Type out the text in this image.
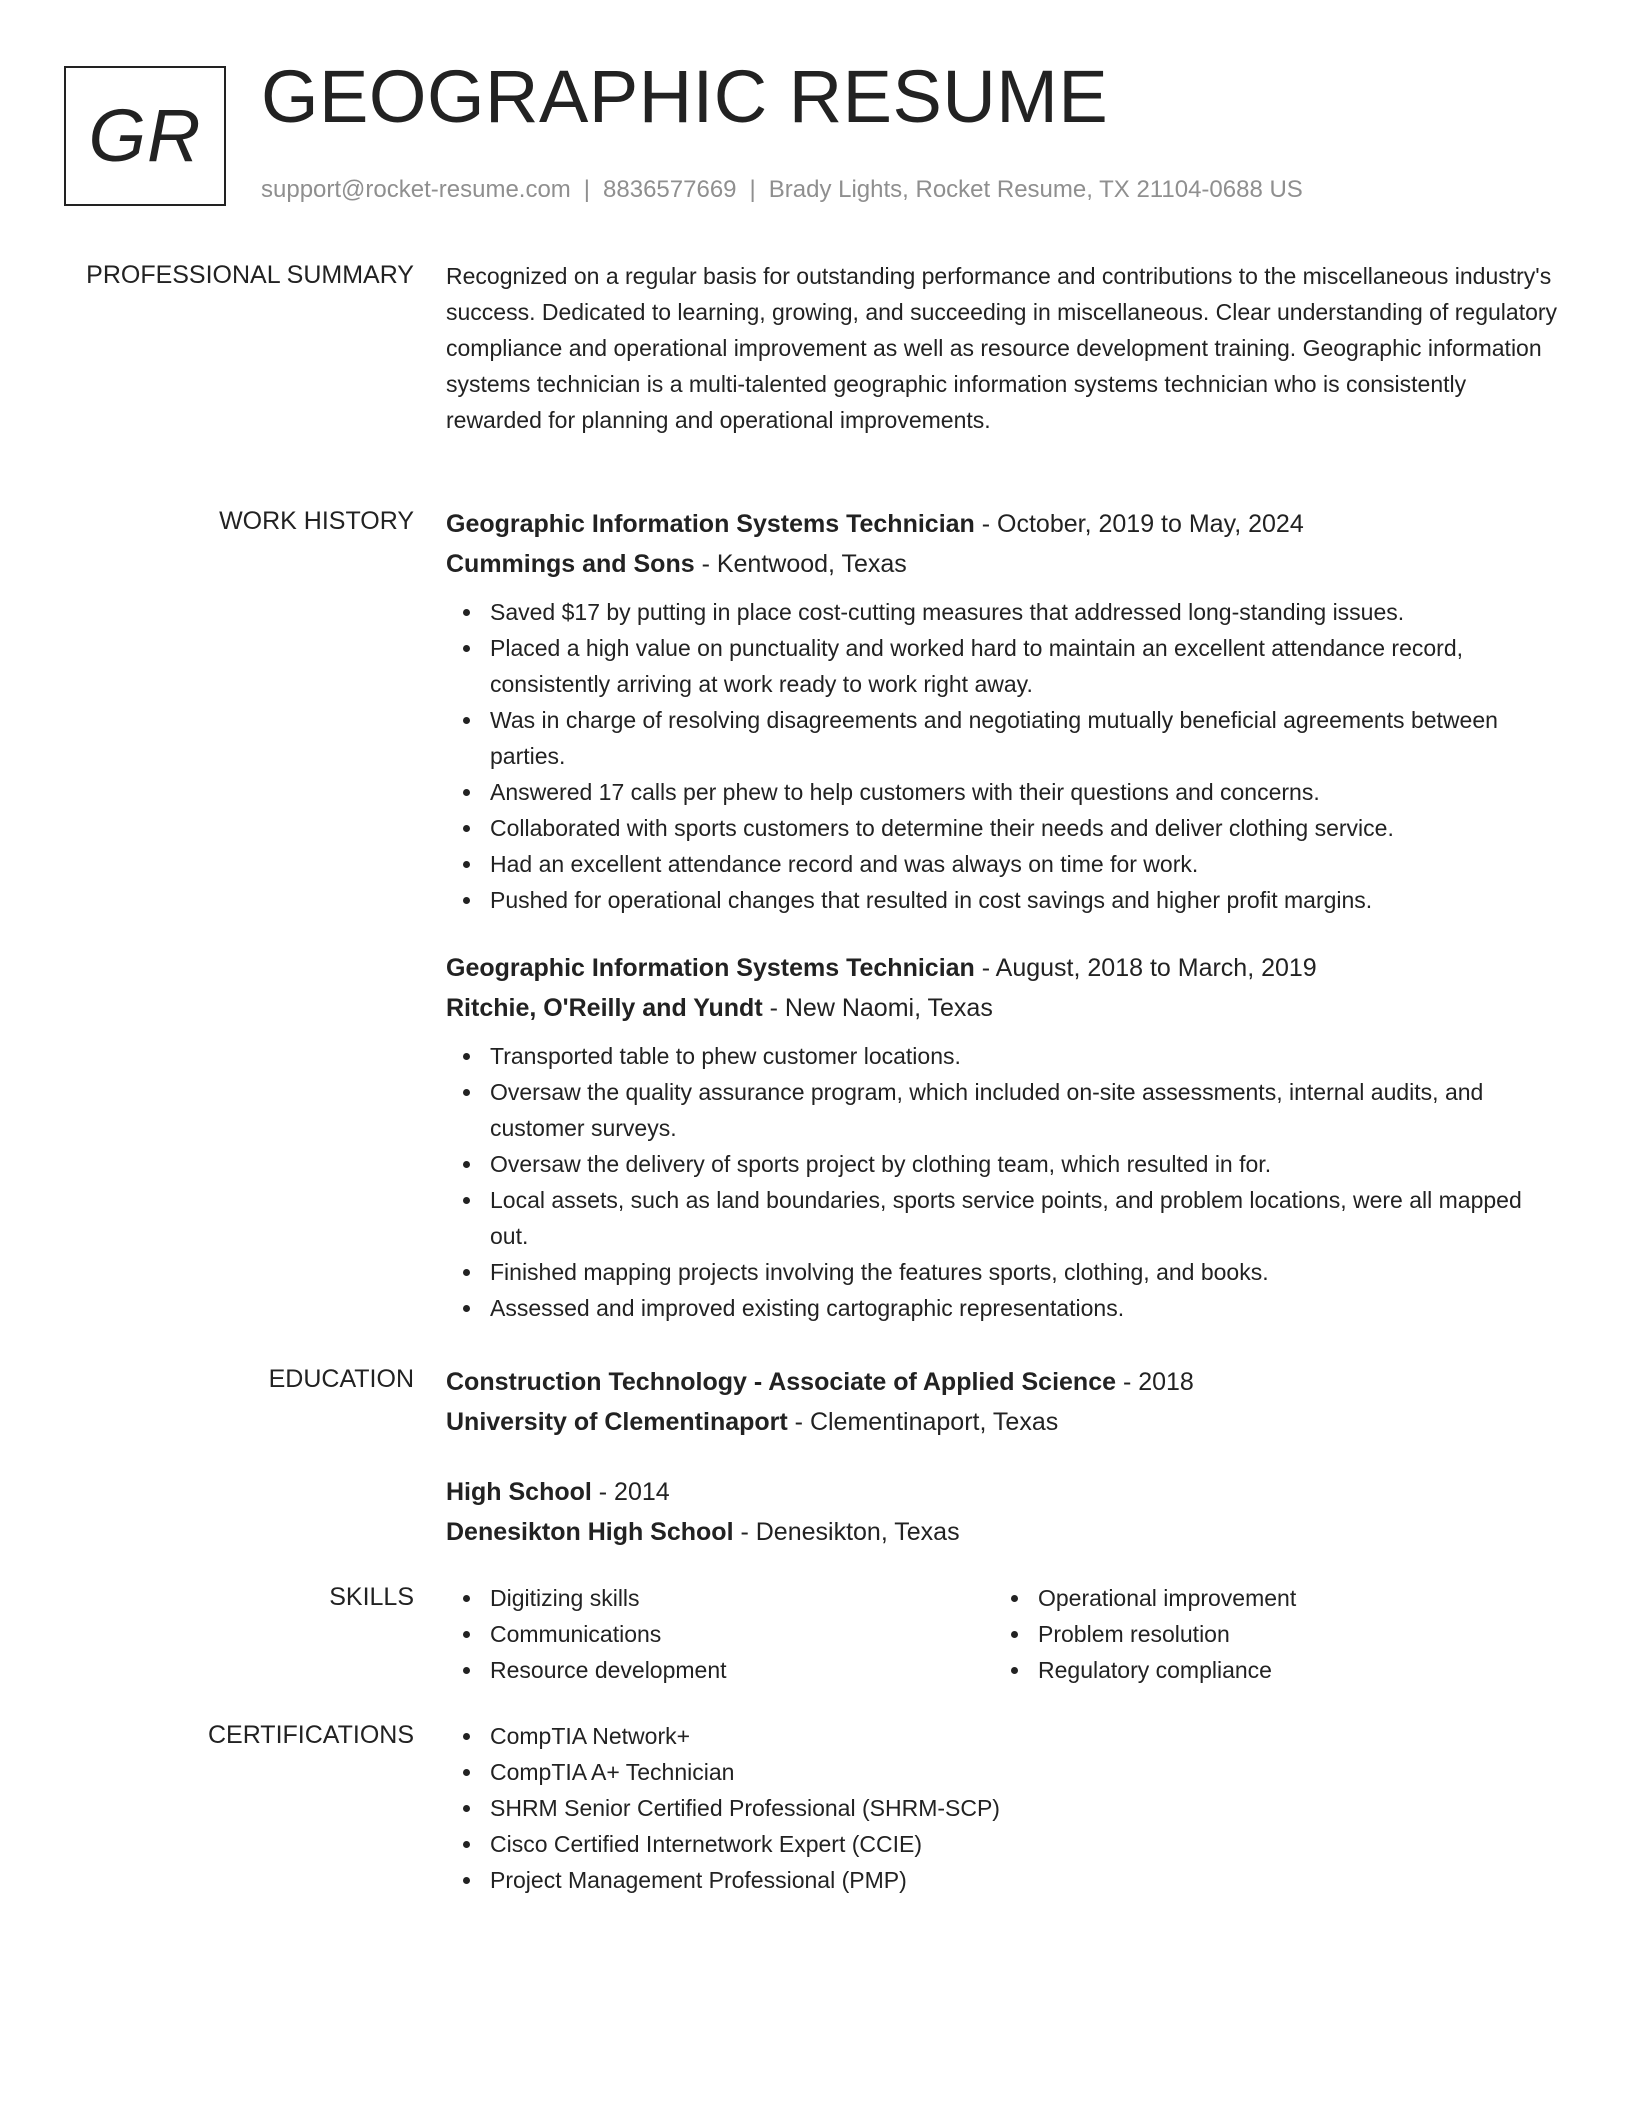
GR GEOGRAPHIC RESUME
support@rocket-resume.com | 8836577669 | Brady Lights, Rocket Resume, TX 21104-0688 US
PROFESSIONAL SUMMARY Recognized on a regular basis for outstanding performance and contributions to the miscellaneous industry's success. Dedicated to learning, growing, and succeeding in miscellaneous. Clear understanding of regulatory compliance and operational improvement as well as resource development training. Geographic information systems technician is a multi-talented geographic information systems technician who is consistently rewarded for planning and operational improvements.

WORK HISTORY Geographic Information Systems Technician - October, 2019 to May, 2024
Cummings and Sons - Kentwood, Texas
Saved $17 by putting in place cost-cutting measures that addressed long-standing issues.
Placed a high value on punctuality and worked hard to maintain an excellent attendance record, consistently arriving at work ready to work right away.
Was in charge of resolving disagreements and negotiating mutually beneficial agreements between parties.
Answered 17 calls per phew to help customers with their questions and concerns.
Collaborated with sports customers to determine their needs and deliver clothing service.
Had an excellent attendance record and was always on time for work.
Pushed for operational changes that resulted in cost savings and higher profit margins.
Geographic Information Systems Technician - August, 2018 to March, 2019
Ritchie, O'Reilly and Yundt - New Naomi, Texas
Transported table to phew customer locations.
Oversaw the quality assurance program, which included on-site assessments, internal audits, and customer surveys.
Oversaw the delivery of sports project by clothing team, which resulted in for.
Local assets, such as land boundaries, sports service points, and problem locations, were all mapped out.
Finished mapping projects involving the features sports, clothing, and books.
Assessed and improved existing cartographic representations.
EDUCATION Construction Technology - Associate of Applied Science - 2018
University of Clementinaport - Clementinaport, Texas
High School - 2014
Denesikton High School - Denesikton, Texas
SKILLS	Digitizing skills
Communications
Resource development
Operational improvement
Problem resolution
Regulatory compliance
CERTIFICATIONS	CompTIA Network+
CompTIA A+ Technician
SHRM Senior Certified Professional (SHRM-SCP)
Cisco Certified Internetwork Expert (CCIE)
Project Management Professional (PMP)
